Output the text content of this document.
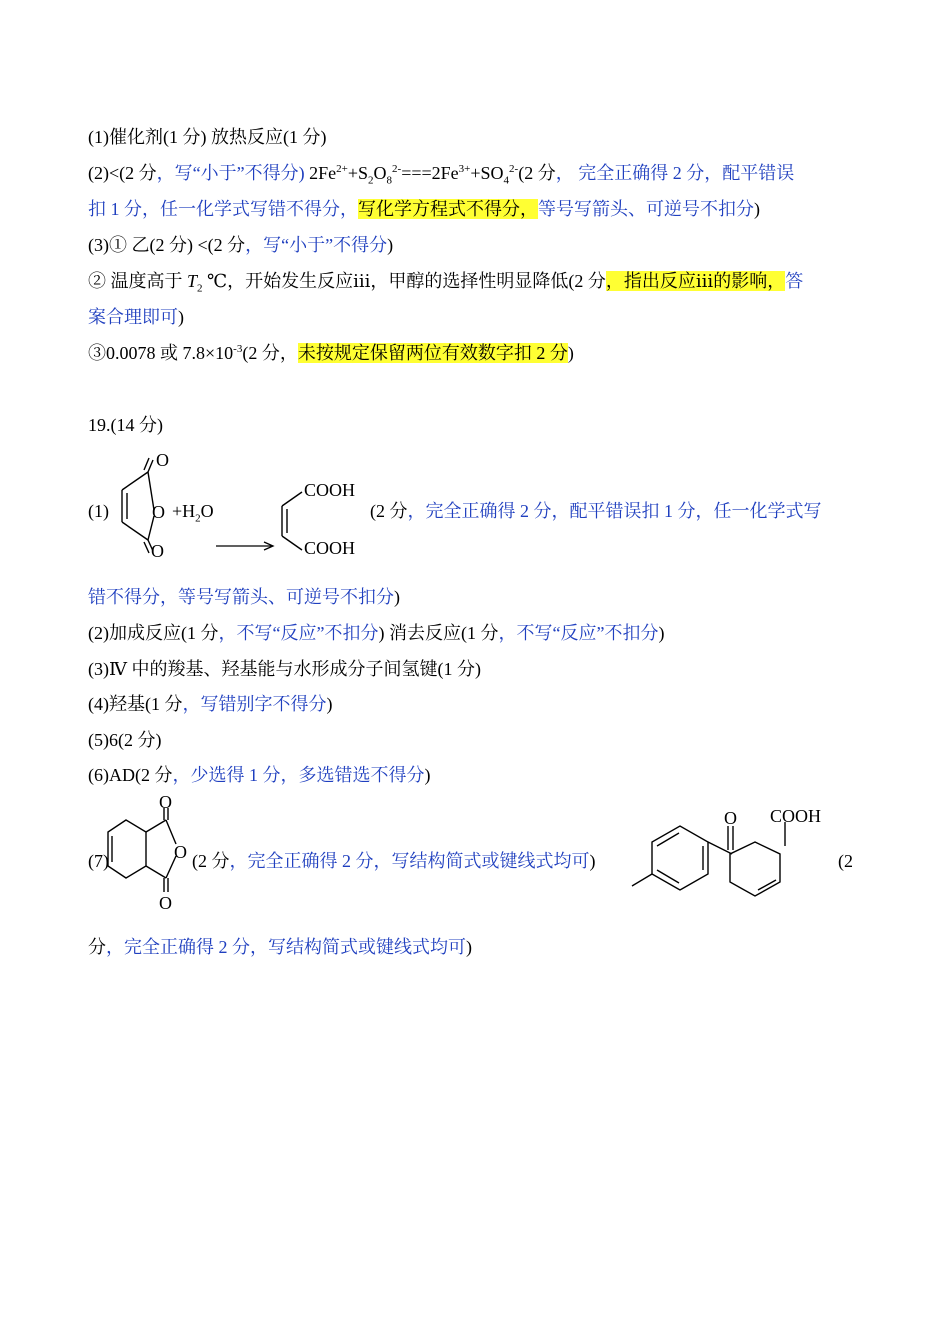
(1)催化剂(1 分) 放热反应(1 分)
(2)<(2 分，写“小于”不得分) $2Fe^{2+}+S_2O_8^{2-}===2Fe^{3+}+SO_4^{2-}(2$ 分， 完全正确得 2 分，配平错误
扣 1 分，任一化学式写错不得分，写化学方程式不得分，等号写箭头、可逆号不扣分)
(3)① 乙(2 分) <(2 分，写“小于”不得分)
② 温度高于 $T_2$ ℃，开始发生反应ⅲ，甲醇的选择性明显降低(2 分，指出反应ⅲ的影响，答
案合理即可)
③0.0078 或 $7.8\times 10^{-3}(2$ 分，未按规定保留两位有效数字扣 2 分)
19.(14 分)
(1)
O
O
O
$+H_2O$
COOH
COOH
(2 分，完全正确得 2 分，配平错误扣 1 分，任一化学式写
错不得分，等号写箭头、可逆号不扣分)
(2)加成反应(1 分，不写“反应”不扣分) 消去反应(1 分，不写“反应”不扣分)
(3)Ⅳ 中的羧基、羟基能与水形成分子间氢键(1 分)
(4)羟基(1 分，写错别字不得分)
(5)6(2 分)
(6)AD(2 分，少选得 1 分，多选错选不得分)
(7)
O
O
O
(2 分，完全正确得 2 分，写结构简式或键线式均可)
O COOH
(2
分，完全正确得 2 分，写结构简式或键线式均可)
